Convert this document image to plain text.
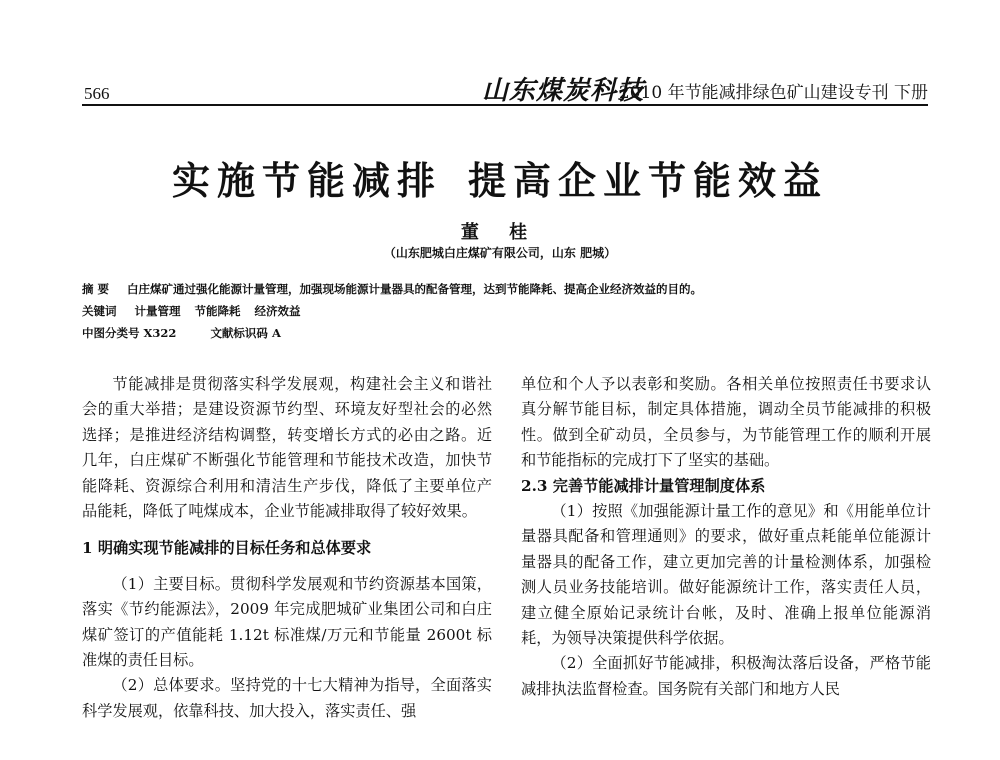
566	山东煤炭科技
2010 年节能减排绿色矿山建设专刊 下册
实施节能减排 提高企业节能效益
董 桂
（山东肥城白庄煤矿有限公司，山东 肥城）
摘 要 白庄煤矿通过强化能源计量管理，加强现场能源计量器具的配备管理，达到节能降耗、提高企业经济效益的目的。
关键词 计量管理 节能降耗 经济效益
中图分类号 X322	文献标识码 A

节能减排是贯彻落实科学发展观，构建社会主义和谐社会的重大举措；是建设资源节约型、环境友好型社会的必然选择；是推进经济结构调整，转变增长方式的必由之路。近几年，白庄煤矿不断强化节能管理和节能技术改造，加快节能降耗、资源综合利用和清洁生产步伐，降低了主要单位产品能耗，降低了吨煤成本，企业节能减排取得了较好效果。

1 明确实现节能减排的目标任务和总体要求

（1）主要目标。贯彻科学发展观和节约资源基本国策，落实《节约能源法》，2009 年完成肥城矿业集团公司和白庄煤矿签订的产值能耗 1.12t 标准煤/万元和节能量 2600t 标准煤的责任目标。

（2）总体要求。坚持党的十七大精神为指导，全面落实科学发展观，依靠科技、加大投入，落实责任、强

单位和个人予以表彰和奖励。各相关单位按照责任书要求认真分解节能目标，制定具体措施，调动全员节能减排的积极性。做到全矿动员，全员参与，为节能管理工作的顺利开展和节能指标的完成打下了坚实的基础。

2.3 完善节能减排计量管理制度体系

（1）按照《加强能源计量工作的意见》和《用能单位计量器具配备和管理通则》的要求，做好重点耗能单位能源计量器具的配备工作，建立更加完善的计量检测体系，加强检测人员业务技能培训。做好能源统计工作，落实责任人员，建立健全原始记录统计台帐，及时、准确上报单位能源消耗，为领导决策提供科学依据。

（2）全面抓好节能减排，积极淘汰落后设备，严格节能减排执法监督检查。国务院有关部门和地方人民
